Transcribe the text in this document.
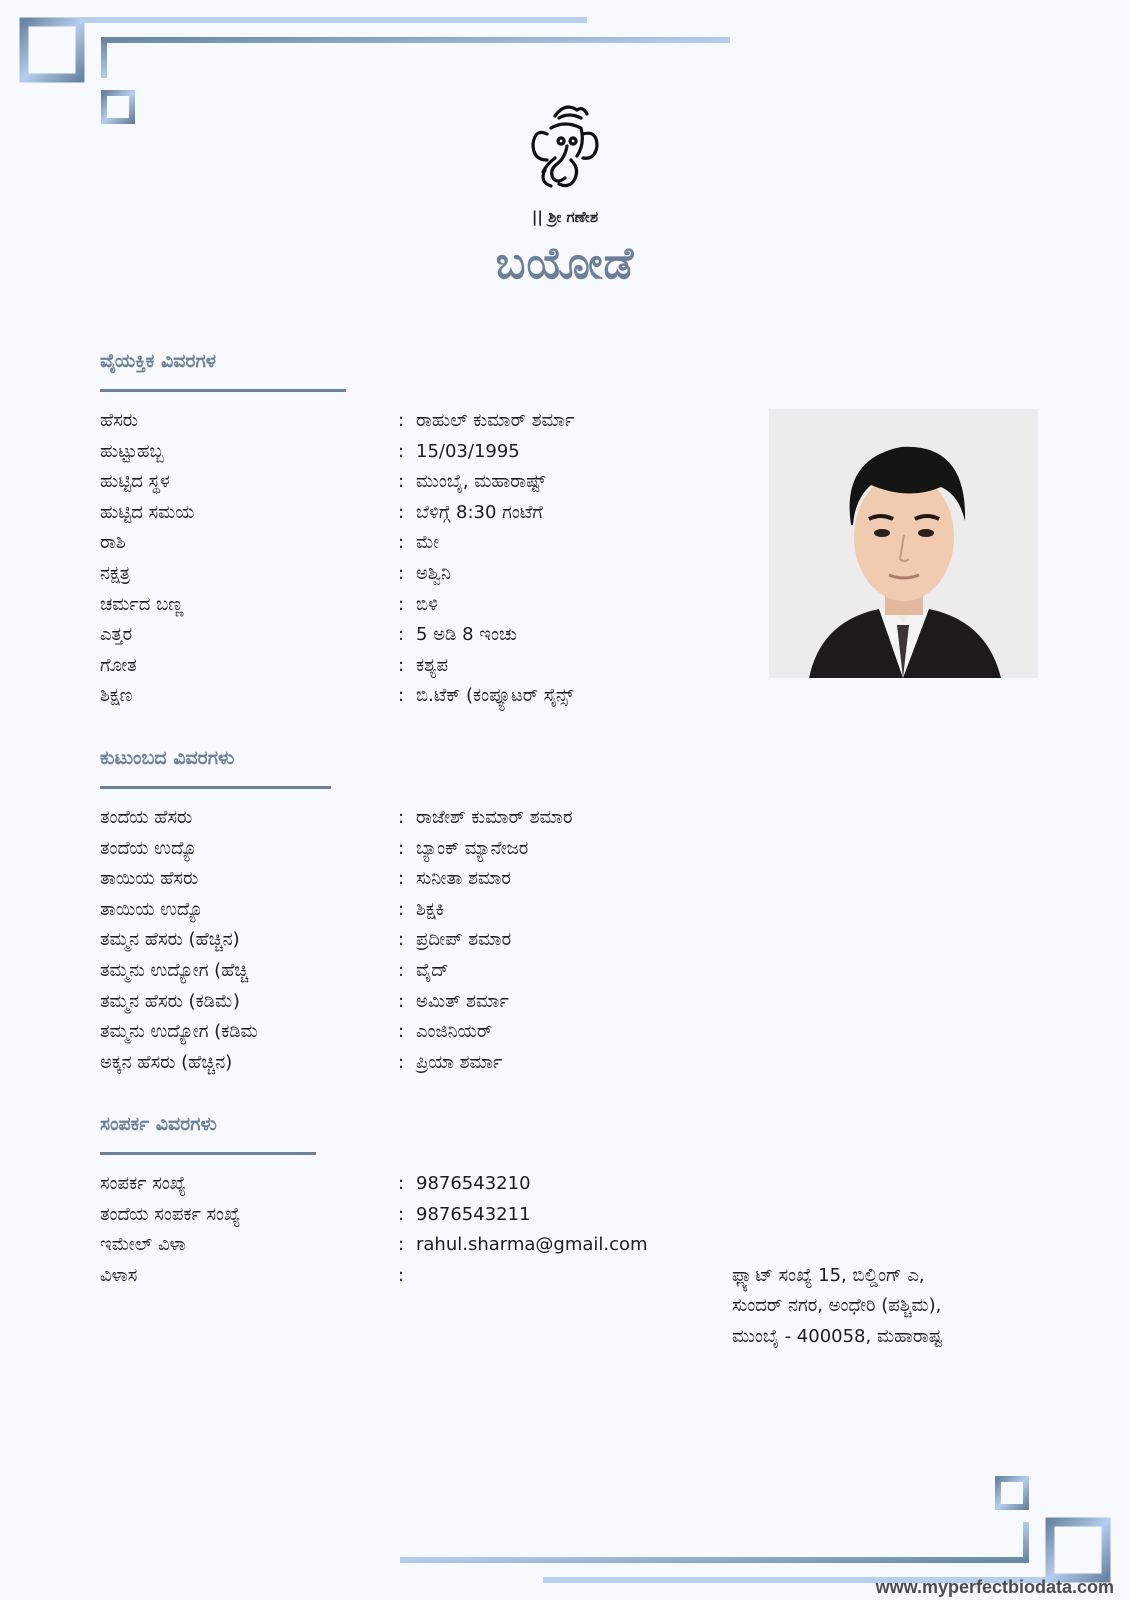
|| ಶ್ರೀ ಗಣೇಶ
ಬಯೋಡೆ
ವೈಯಕ್ತಿಕ ವಿವರಗಳ
ಹೆಸರು	: ರಾಹುಲ್ ಕುಮಾರ್ ಶರ್ಮಾ
ಹುಟ್ಟುಹಬ್ಬ	: 15/03/1995
ಹುಟ್ಟಿದ ಸ್ಥಳ	: ಮುಂಬೈ, ಮಹಾರಾಷ್ಟ್
ಹುಟ್ಟಿದ ಸಮಯ	: ಬೆಳಿಗ್ಗೆ 8:30 ಗಂಟೆಗೆ
ರಾಶಿ	: ಮೇ
ನಕ್ಷತ್ರ	: ಅಶ್ವಿನಿ
ಚರ್ಮದ ಬಣ್ಣ	: ಬಿಳಿ
ಎತ್ತರ	: 5 ಅಡಿ 8 ಇಂಚು
ಗೋತ	: ಕಶ್ಯಪ
ಶಿಕ್ಷಣ	: ಬಿ.ಟೆಕ್ (ಕಂಪ್ಯೂಟರ್ ಸೈನ್ಸ್
ಕುಟುಂಬದ ವಿವರಗಳು
ತಂದೆಯ ಹೆಸರು	: ರಾಜೇಶ್ ಕುಮಾರ್ ಶಮಾರ
ತಂದೆಯ ಉದ್ಯೊ	: ಬ್ಯಾಂಕ್ ಮ್ಯಾನೇಜರ
ತಾಯಿಯ ಹೆಸರು	: ಸುನೀತಾ ಶಮಾರ
ತಾಯಿಯ ಉದ್ಯೊ	: ಶಿಕ್ಷಕಿ
ತಮ್ಮನ ಹೆಸರು (ಹೆಚ್ಚಿನ)	: ಪ್ರದೀಪ್ ಶಮಾರ
ತಮ್ಮನು ಉದ್ಯೋಗ (ಹೆಚ್ಚಿ	: ವೈದ್
ತಮ್ಮನ ಹೆಸರು (ಕಡಿಮೆ)	: ಅಮಿತ್ ಶರ್ಮಾ
ತಮ್ಮನು ಉದ್ಯೋಗ (ಕಡಿಮ	: ಎಂಜಿನಿಯರ್
ಅಕ್ಕನ ಹೆಸರು (ಹೆಚ್ಚಿನ)	: ಪ್ರಿಯಾ ಶರ್ಮಾ
ಸಂಪರ್ಕ ವಿವರಗಳು
ಸಂಪರ್ಕ ಸಂಖ್ಯೆ	: 9876543210
ತಂದೆಯ ಸಂಪರ್ಕ ಸಂಖ್ಯೆ	: 9876543211
ಇಮೇಲ್ ವಿಳಾ	: rahul.sharma@gmail.com
ವಿಳಾಸ	:	ಫ್ಲ್ಯಾಟ್ ಸಂಖ್ಯೆ 15, ಬಿಲ್ಡಿಂಗ್ ಎ,
ಸುಂದರ್ ನಗರ, ಅಂಧೇರಿ (ಪಶ್ಚಿಮ),
ಮುಂಬೈ - 400058, ಮಹಾರಾಷ್ಟ
www.myperfectbiodata.com
